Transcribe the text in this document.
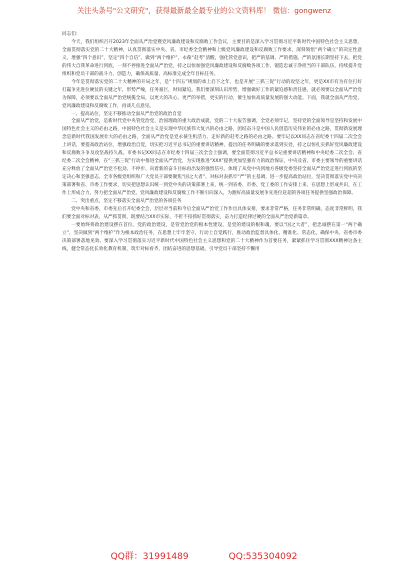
关注头条号"公文研究"，获得最新最全最专业的公文资料库！ 微信：gongwenz

同志们：

今天，我们组织召开2023年全面从严治党暨党风廉政建设和反腐败工作会议，主要目的是深入学习贯彻习近平新时代中国特色社会主义思想，全面贯彻落实党的二十大精神，认真贯彻落实中央、省、市纪委全会精神和上级党风廉政建设和反腐败工作要求，深刻领悟“两个确立”的决定性意义，增强“四个意识”、坚定“四个自信”、做到“两个维护”，永葆“赶考”清醒，强化管党意识，把严的基调、严的措施、严的氛围长期坚持下去，把党的伟大自我革命进行到底，一刻不停推进全面从严治党，持之以恒加强党风廉政建设和反腐败各项工作，锻造忠诚干净担当的干部队伍，持续提升党组织和党员干部的战斗力、创造力，确保高质量、高标准完成全年目标任务。

今年是贯彻落实党的二十大精神的开局之年，是“十四五”规划的承上启下之年，也是开展“三抓三促”行动的攻坚之年，更是XX市有为有位打好打赢争先进位硬仗的关键之年，形势严峻，任务艰巨，时间紧迫。我们要深刻认识形势，增强做好工作的紧迫感和责任感，就必须要以全面从严治党为保障，必须要以全面从严治党统揽全局，以更大的决心、更严的举措，更实的行动，催生加快高质量发展的强大动能。下面，我就全面从严治党、党风廉政建设和反腐败工作，再谈几点意见。

一、提高站位，坚定不移推动全面从严治党的政治自觉

全面从严治党，是新时代党中央管党治党、治国理政的重大政治成就，党的二十大报告强调，全党必须牢记，坚持党的全面领导是坚持和发展中国特色社会主义的必由之路，中国特色社会主义是实现中华民族伟大复兴的必由之路，团结奋斗是中国人民创造历史伟业的必由之路，贯彻新发展理念是新时代我国发展壮大的必由之路，全面从严治党是党永葆生机活力、走好新的赶考之路的必由之路。要牢记以XX同志在省纪委十四届二次全会上讲话，要提高政治站位，增强政治自觉，切实把习近平总书记的重要讲话精神、提出的任务明确的要求落到实处，持之以恒扎实抓好党风廉政建设和反腐败斗争及攻坚战持久战。市委书记XX同志在市纪委十四届三次全会上强调，要全面贯彻习近平总书记重要讲话精神和中央纪委二次全会、省纪委二次全会精神，在“三抓三促”行动中推进全面从严治党，为实现推进“XXX”提供更加坚强有力的政治保证，中央及省、市委主要领导的重要讲话充分释放了全面从严治党不松劲、不停步、向着新的奋斗目标再出发的强烈信号。体现了从党中央到地方各级党委坚持全面从严治党走进行到底的坚定决心和坚强意志，全市各级党组织和广大党员干部要聚焦“国之大者”、对标对表抓牢“严”的主基调，进一步提高政治站位，坚决贯彻落实党中央决策部署和省、市委工作要求，切实把思想认识统一到党中央的决策部署上来，统一到省委、市委、党工委的工作安排上来，在思想上形成共识，在工作上形成合力，努力把全面从严治党、党风廉政建设和反腐败工作不断引向深入，为跑好高质量发展争先进位赶超的各项任务提供坚强政治保障。

二、突出重点，坚定不移落实全面从严治党的各项任务

党中央和省委、市委先后召开纪委全会，层层对当前和今后全面从严治党工作作出具体安排，要求非常严格，任务非常明确，态度非常鲜明，我们要全面对标对表，从严抓贯彻，既要结合XX市实际，不折不扣抓好贯彻落实，奋力打造纪律过硬的全面从严治党新篇章。

一要始终将政治建设摆在首位。党的政治建设，是管党治党的根本性建设，是党的建设的根和魂，要以“国之大者”，把忠诚摆在第一“两个确立”，坚决做到“两个维护”作为根本政治任务，在思想上牢牢坚守，行动上自觉践行，推动政治监督具体化、精准化、常态化。确保中央、省委市委决策部署落地见效。要深入学习贯彻落实习近平新时代中国特色社会主义思想和党的二十大精神作为首要任务，紧紧抓住学习贯彻XXX精神这条主线，健全常态化长效化教育机制，筑牢对标看齐、团结奋进的思想基础，引导党员干部坚持不懈用

QQ群：31991489	QQ:535304092
